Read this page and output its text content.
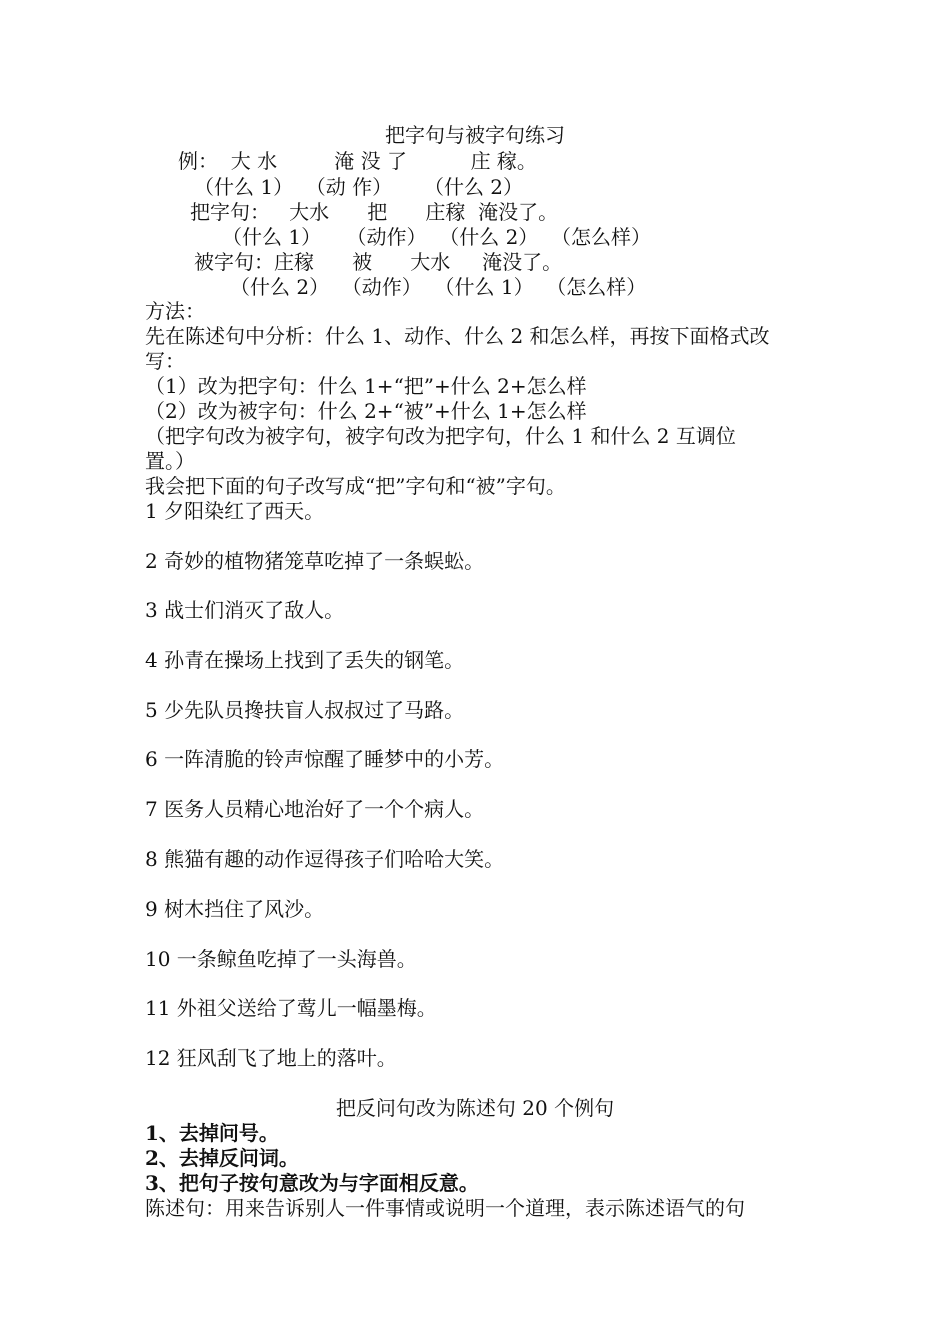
把字句与被字句练习
例：  大 水         淹 没 了          庄 稼。
（什么 1）  （动 作）     （什么 2）
把字句：   大水      把      庄稼  淹没了。
（什么 1）    （动作）  （什么 2）  （怎么样）
被字句：庄稼      被      大水     淹没了。
（什么 2）  （动作）  （什么 1）  （怎么样）
方法：
先在陈述句中分析：什么 1、动作、什么 2 和怎么样，再按下面格式改
写：
（1）改为把字句：什么 1+“把”+什么 2+怎么样
（2）改为被字句：什么 2+“被”+什么 1+怎么样
（把字句改为被字句，被字句改为把字句，什么 1 和什么 2 互调位
置。）
我会把下面的句子改写成“把”字句和“被”字句。
1 夕阳染红了西天。
2 奇妙的植物猪笼草吃掉了一条蜈蚣。
3 战士们消灭了敌人。
4 孙青在操场上找到了丢失的钢笔。
5 少先队员搀扶盲人叔叔过了马路。
6 一阵清脆的铃声惊醒了睡梦中的小芳。
7 医务人员精心地治好了一个个病人。
8 熊猫有趣的动作逗得孩子们哈哈大笑。
9 树木挡住了风沙。
10 一条鲸鱼吃掉了一头海兽。
11 外祖父送给了莺儿一幅墨梅。
12 狂风刮飞了地上的落叶。
把反问句改为陈述句 20 个例句
1、去掉问号。
2、去掉反问词。
3、把句子按句意改为与字面相反意。
陈述句：用来告诉别人一件事情或说明一个道理，表示陈述语气的句
